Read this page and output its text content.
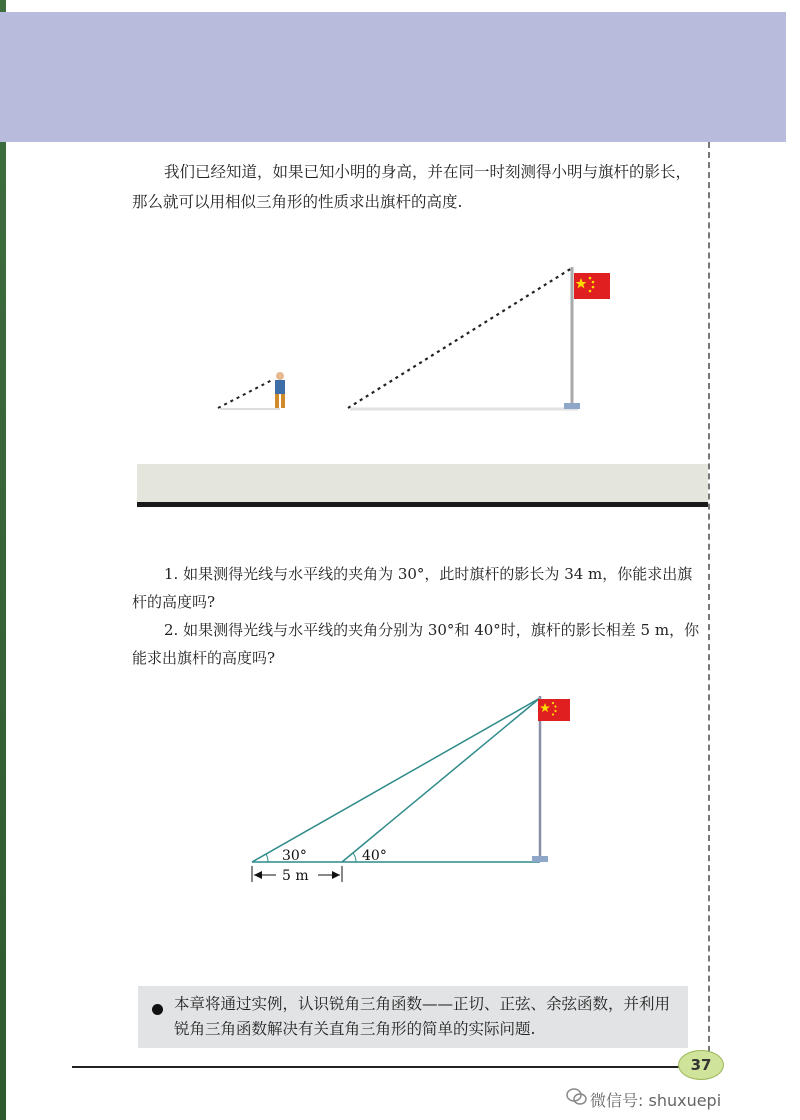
我们已经知道，如果已知小明的身高，并在同一时刻测得小明与旗杆的影长，那么就可以用相似三角形的性质求出旗杆的高度.

1. 如果测得光线与水平线的夹角为 30°，此时旗杆的影长为 34 m，你能求出旗杆的高度吗?

2. 如果测得光线与水平线的夹角分别为 30°和 40°时，旗杆的影长相差 5 m，你能求出旗杆的高度吗?

30°	40°
5 m

本章将通过实例，认识锐角三角函数——正切、正弦、余弦函数，并利用锐角三角函数解决有关直角三角形的简单的实际问题.

37
微信号: shuxuepi
